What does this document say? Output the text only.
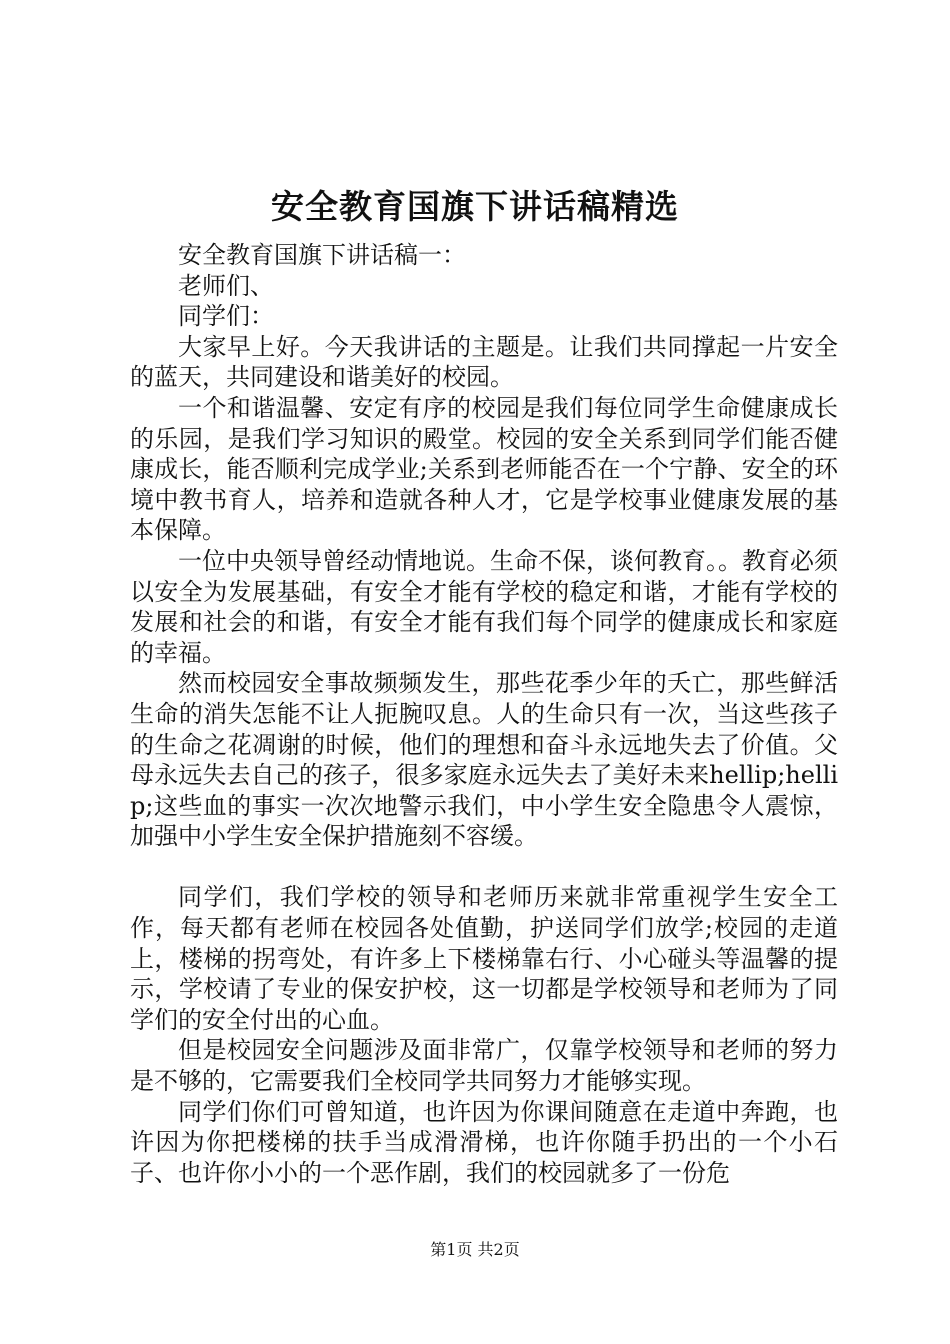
安全教育国旗下讲话稿精选

安全教育国旗下讲话稿一：

老师们、

同学们：

大家早上好。今天我讲话的主题是。让我们共同撑起一片安全的蓝天，共同建设和谐美好的校园。

一个和谐温馨、安定有序的校园是我们每位同学生命健康成长的乐园，是我们学习知识的殿堂。校园的安全关系到同学们能否健康成长，能否顺利完成学业;关系到老师能否在一个宁静、安全的环境中教书育人，培养和造就各种人才，它是学校事业健康发展的基本保障。

一位中央领导曾经动情地说。生命不保，谈何教育。。教育必须以安全为发展基础，有安全才能有学校的稳定和谐，才能有学校的发展和社会的和谐，有安全才能有我们每个同学的健康成长和家庭的幸福。

然而校园安全事故频频发生，那些花季少年的夭亡，那些鲜活生命的消失怎能不让人扼腕叹息。人的生命只有一次，当这些孩子的生命之花凋谢的时候，他们的理想和奋斗永远地失去了价值。父母永远失去自己的孩子，很多家庭永远失去了美好未来hellip;hellip;这些血的事实一次次地警示我们，中小学生安全隐患令人震惊，加强中小学生安全保护措施刻不容缓。

同学们，我们学校的领导和老师历来就非常重视学生安全工作，每天都有老师在校园各处值勤，护送同学们放学;校园的走道上，楼梯的拐弯处，有许多上下楼梯靠右行、小心碰头等温馨的提示，学校请了专业的保安护校，这一切都是学校领导和老师为了同学们的安全付出的心血。

但是校园安全问题涉及面非常广，仅靠学校领导和老师的努力是不够的，它需要我们全校同学共同努力才能够实现。

同学们你们可曾知道，也许因为你课间随意在走道中奔跑，也许因为你把楼梯的扶手当成滑滑梯，也许你随手扔出的一个小石子、也许你小小的一个恶作剧，我们的校园就多了一份危

第1页 共2页
